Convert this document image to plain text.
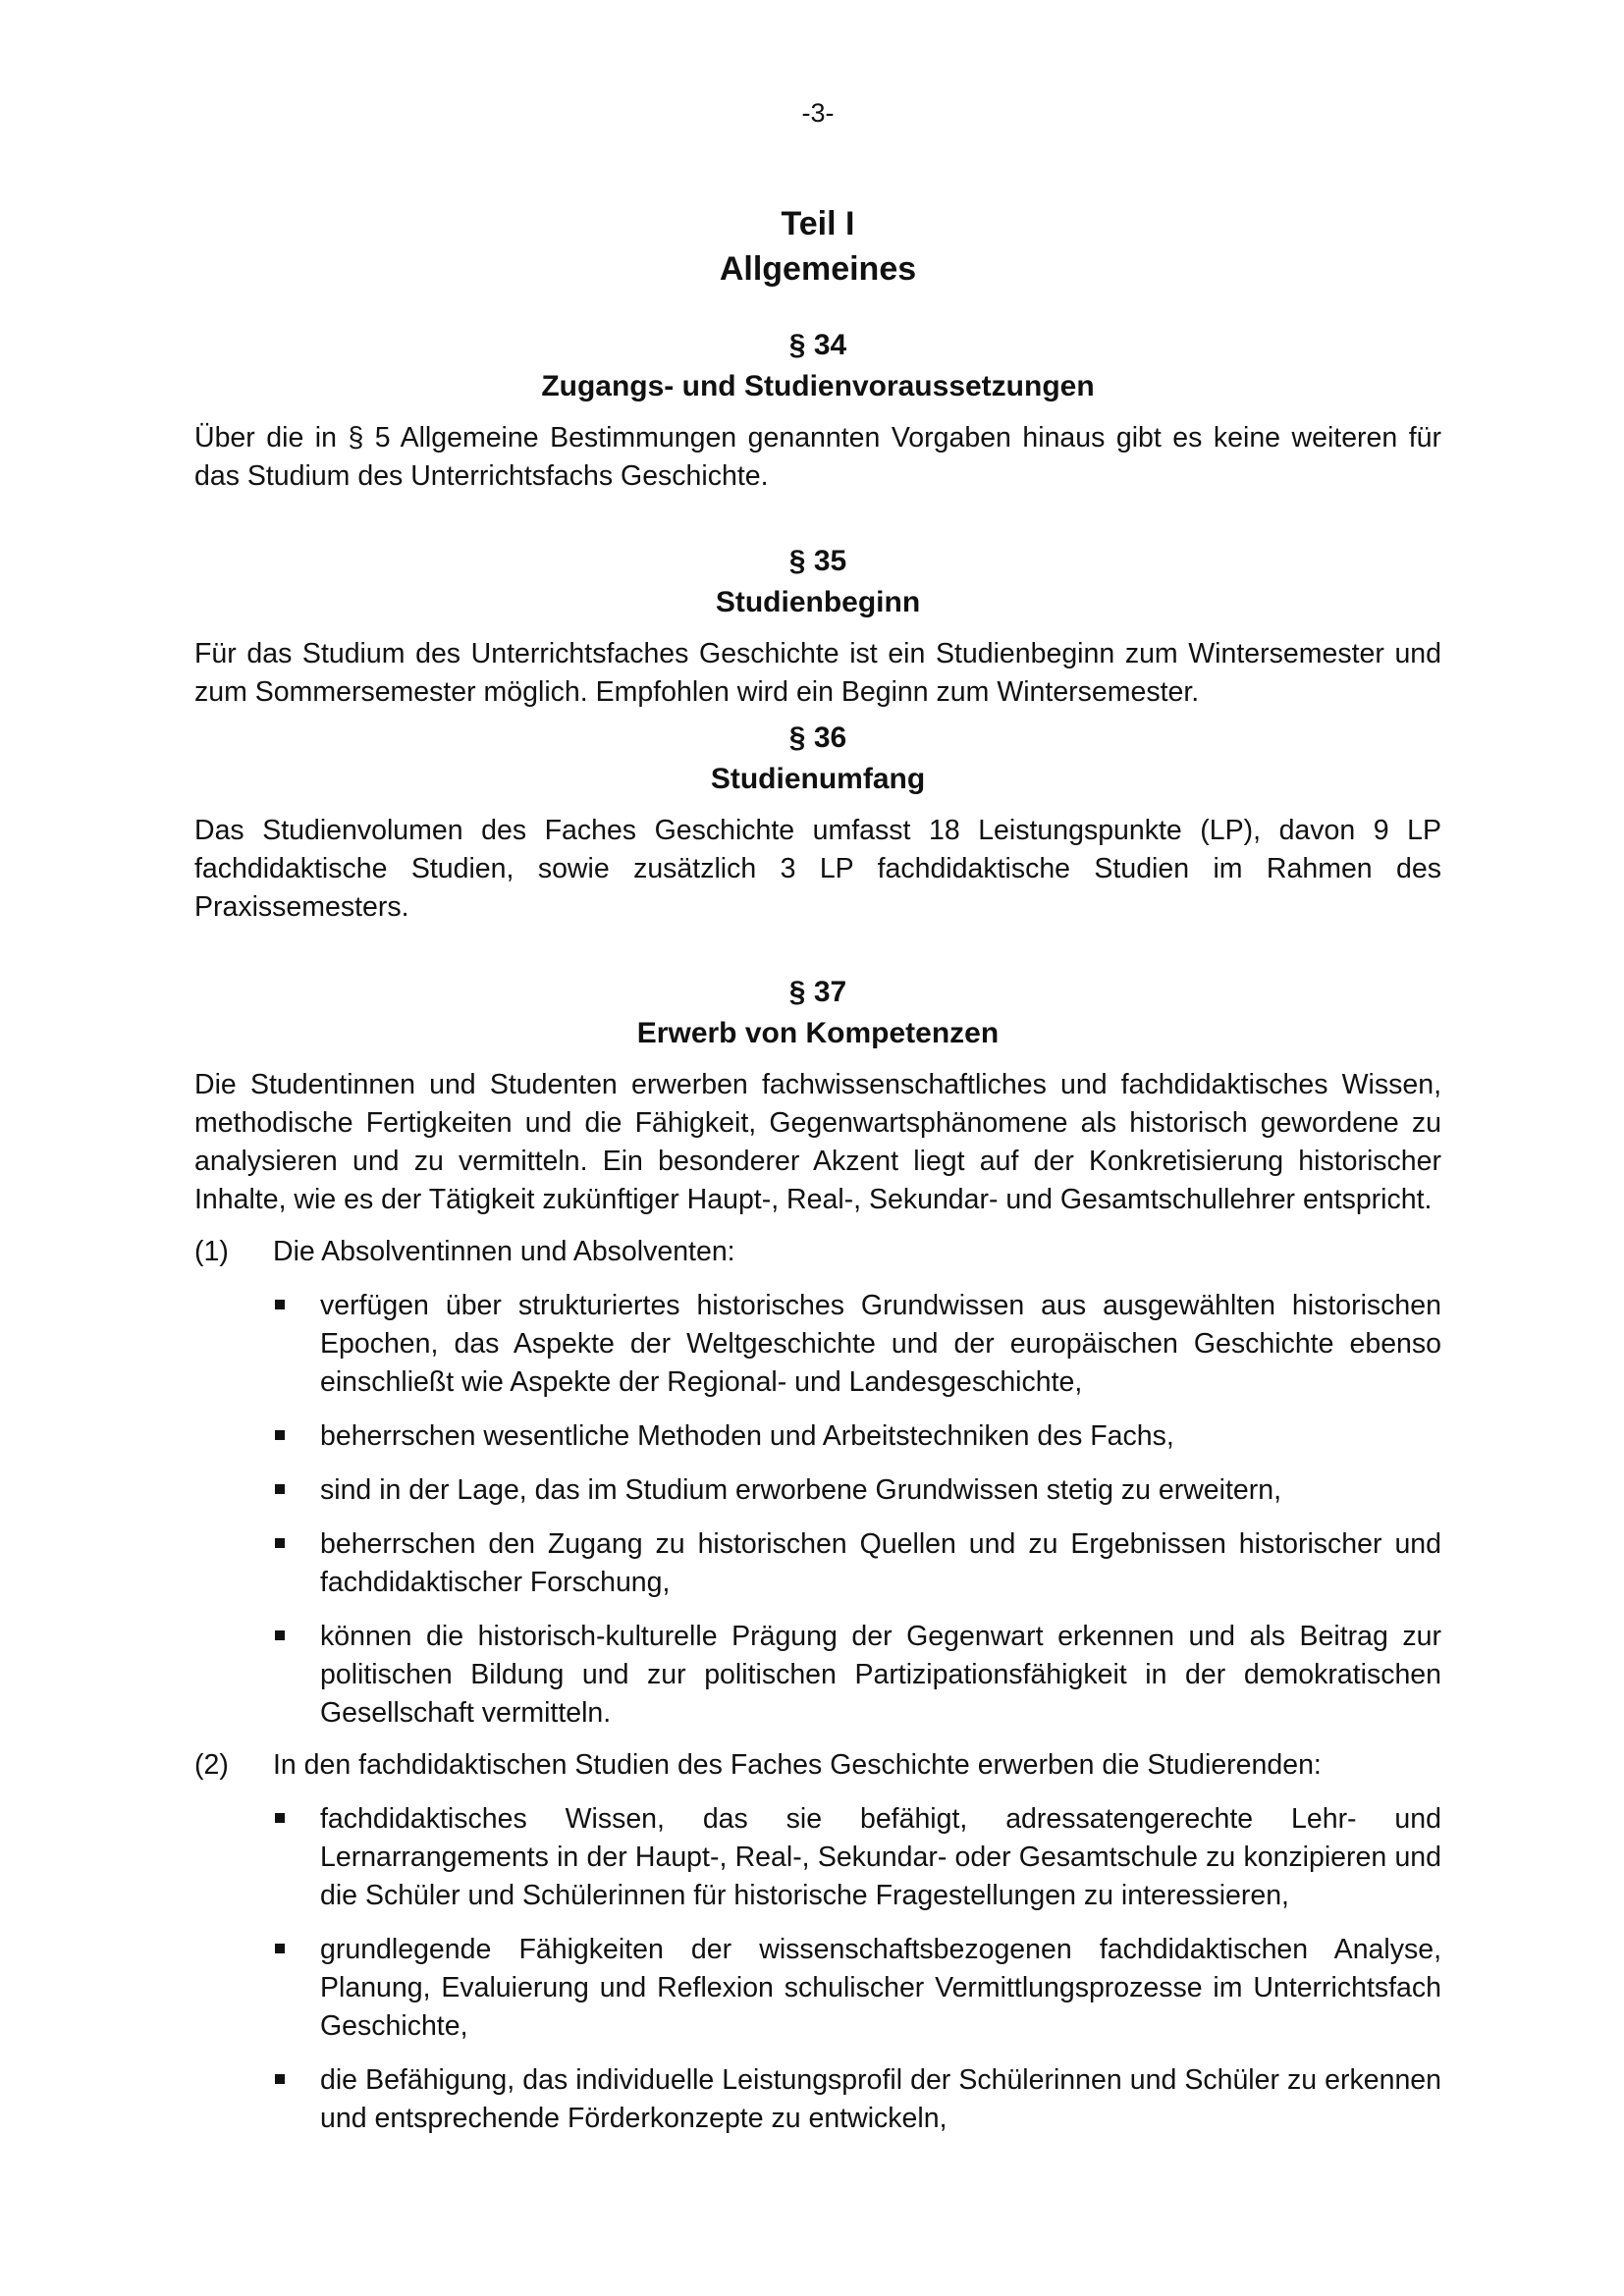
-3-
Teil I
Allgemeines
§ 34
Zugangs- und Studienvoraussetzungen

Über die in § 5 Allgemeine Bestimmungen genannten Vorgaben hinaus gibt es keine weiteren für das Studium des Unterrichtsfachs Geschichte.

§ 35
Studienbeginn

Für das Studium des Unterrichtsfaches Geschichte ist ein Studienbeginn zum Wintersemester und zum Sommersemester möglich. Empfohlen wird ein Beginn zum Wintersemester.

§ 36
Studienumfang

Das Studienvolumen des Faches Geschichte umfasst 18 Leistungspunkte (LP), davon 9 LP fachdidaktische Studien, sowie zusätzlich 3 LP fachdidaktische Studien im Rahmen des Praxissemesters.

§ 37
Erwerb von Kompetenzen

Die Studentinnen und Studenten erwerben fachwissenschaftliches und fachdidaktisches Wissen, methodische Fertigkeiten und die Fähigkeit, Gegenwartsphänomene als historisch gewordene zu analysieren und zu vermitteln. Ein besonderer Akzent liegt auf der Konkretisierung historischer Inhalte, wie es der Tätigkeit zukünftiger Haupt-, Real-, Sekundar- und Gesamtschullehrer entspricht.

(1)	Die Absolventinnen und Absolventen:
verfügen über strukturiertes historisches Grundwissen aus ausgewählten historischen Epochen, das Aspekte der Weltgeschichte und der europäischen Geschichte ebenso einschließt wie Aspekte der Regional- und Landesgeschichte,
beherrschen wesentliche Methoden und Arbeitstechniken des Fachs,
sind in der Lage, das im Studium erworbene Grundwissen stetig zu erweitern,
beherrschen den Zugang zu historischen Quellen und zu Ergebnissen historischer und fachdidaktischer Forschung,
können die historisch-kulturelle Prägung der Gegenwart erkennen und als Beitrag zur politischen Bildung und zur politischen Partizipationsfähigkeit in der demokratischen Gesellschaft vermitteln.
(2)	In den fachdidaktischen Studien des Faches Geschichte erwerben die Studierenden:
fachdidaktisches Wissen, das sie befähigt, adressatengerechte Lehr- und Lernarrangements in der Haupt-, Real-, Sekundar- oder Gesamtschule zu konzipieren und die Schüler und Schülerinnen für historische Fragestellungen zu interessieren,
grundlegende Fähigkeiten der wissenschaftsbezogenen fachdidaktischen Analyse, Planung, Evaluierung und Reflexion schulischer Vermittlungsprozesse im Unterrichtsfach Geschichte,
die Befähigung, das individuelle Leistungsprofil der Schülerinnen und Schüler zu erkennen und entsprechende Förderkonzepte zu entwickeln,
